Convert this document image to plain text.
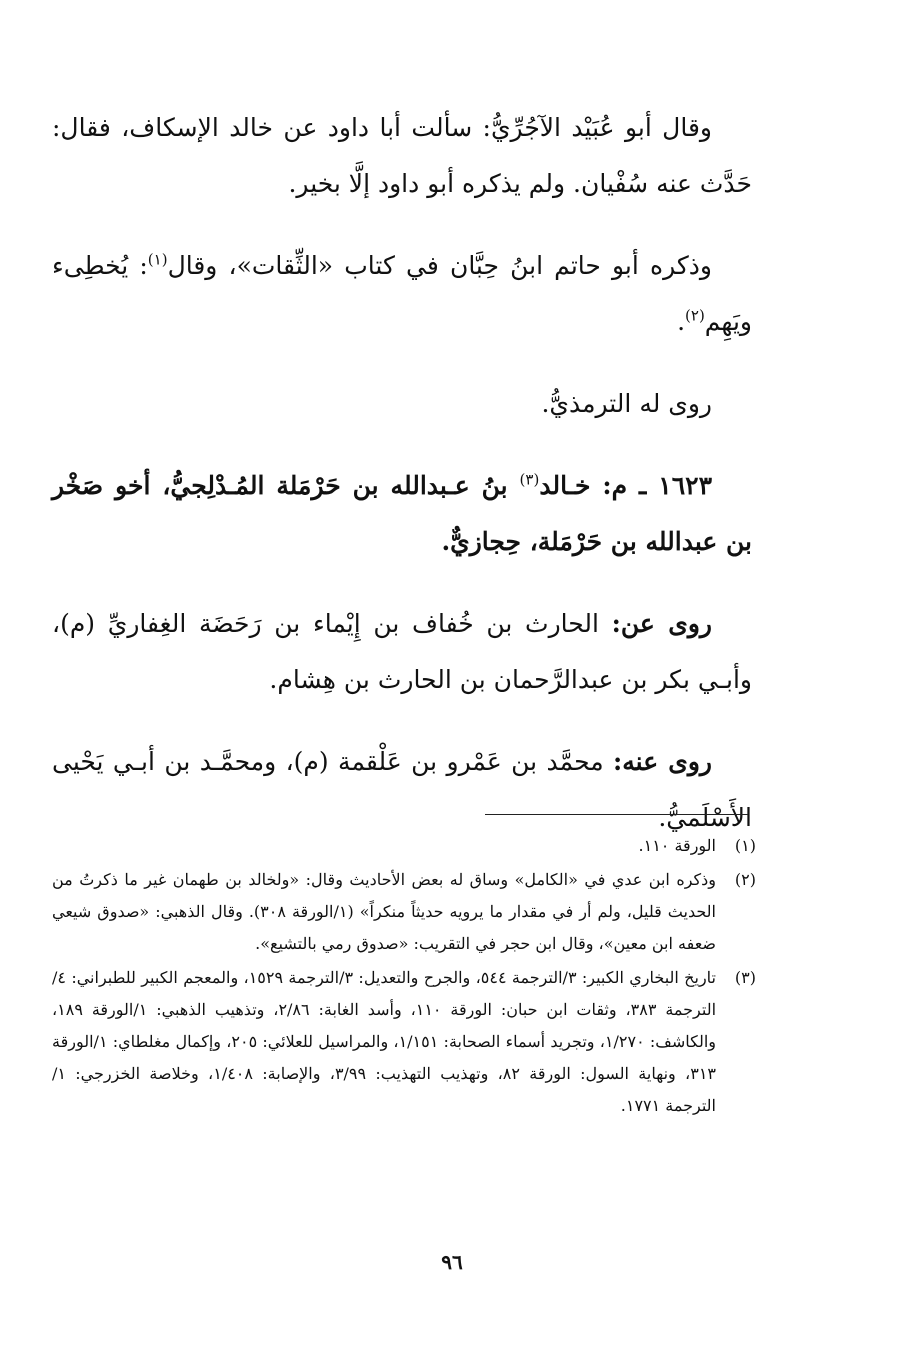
وقال أبو عُبَيْد الآجُرِّيُّ: سألت أبا داود عن خالد الإسكاف، فقال: حَدَّث عنه سُفْيان. ولم يذكره أبو داود إلَّا بخير.

وذكره أبو حاتم ابنُ حِبَّان في كتاب «الثِّقات»، وقال$^{(١)}$: يُخطِىء ويَهِم$^{(٢)}$.

روى له الترمذيُّ.

١٦٢٣ ـ م: خـالد$^{(٣)}$ بنُ عـبدالله بن حَرْمَلة المُـدْلِجيُّ، أخو صَخْر بن عبدالله بن حَرْمَلة، حِجازيٌّ.

روى عن: الحارث بن خُفاف بن إِيْماء بن رَحَضَة الغِفاريِّ (م)، وأبـي بكر بن عبدالرَّحمان بن الحارث بن هِشام.

روى عنه: محمَّد بن عَمْرو بن عَلْقمة (م)، ومحمَّـد بن أبـي يَحْيى الأَسْلَميُّ.

(١)
الورقة ١١٠.
(٢)
وذكره ابن عدي في «الكامل» وساق له بعض الأحاديث وقال: «ولخالد بن طهمان غير ما ذكرتُ من الحديث قليل، ولم أر في مقدار ما يرويه حديثاً منكراً» (١/الورقة ٣٠٨). وقال الذهبي: «صدوق شيعي ضعفه ابن معين»، وقال ابن حجر في التقريب: «صدوق رمي بالتشيع».
(٣)
تاريخ البخاري الكبير: ٣/الترجمة ٥٤٤، والجرح والتعديل: ٣/الترجمة ١٥٢٩، والمعجم الكبير للطبراني: ٤/الترجمة ٣٨٣، وثقات ابن حبان: الورقة ١١٠، وأسد الغابة: ٢/٨٦، وتذهيب الذهبي: ١/الورقة ١٨٩، والكاشف: ١/٢٧٠، وتجريد أسماء الصحابة: ١/١٥١، والمراسيل للعلائي: ٢٠٥، وإكمال مغلطاي: ١/الورقة ٣١٣، ونهاية السول: الورقة ٨٢، وتهذيب التهذيب: ٣/٩٩، والإصابة: ١/٤٠٨، وخلاصة الخزرجي: ١/الترجمة ١٧٧١.
٩٦
